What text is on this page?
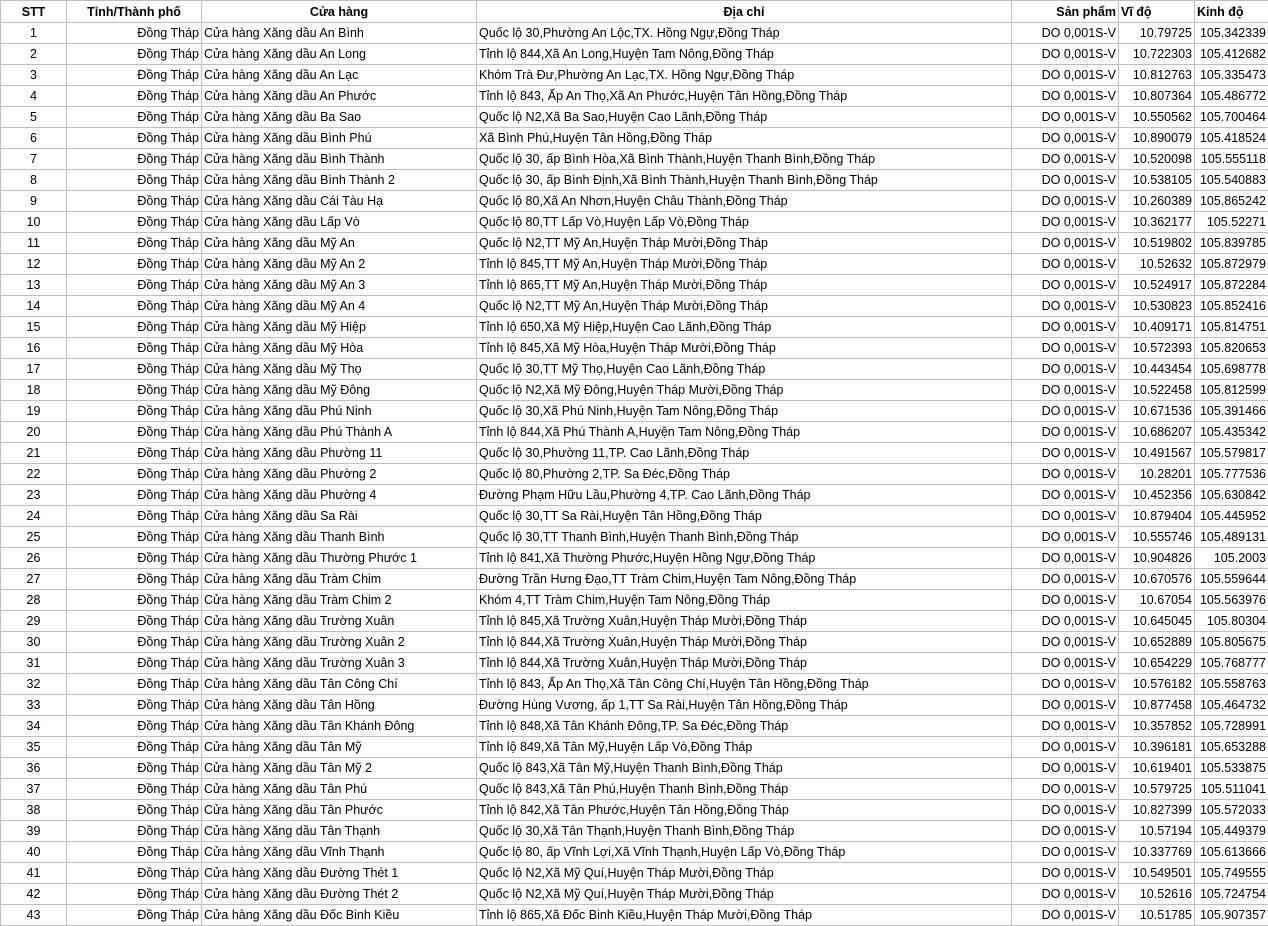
STT	Tỉnh/Thành phố	Cửa hàng	Địa chỉ	Sản phẩm	Vĩ độ	Kinh độ
1	Đồng Tháp	Cửa hàng Xăng dầu An Bình	Quốc lộ 30,Phường An Lộc,TX. Hồng Ngự,Đồng Tháp	DO 0,001S-V	10.79725	105.342339
2	Đồng Tháp	Cửa hàng Xăng dầu An Long	Tỉnh lộ 844,Xã An Long,Huyện Tam Nông,Đồng Tháp	DO 0,001S-V	10.722303	105.412682
3	Đồng Tháp	Cửa hàng Xăng dầu An Lạc	Khóm Trà Đư,Phường An Lạc,TX. Hồng Ngự,Đồng Tháp	DO 0,001S-V	10.812763	105.335473
4	Đồng Tháp	Cửa hàng Xăng dầu An Phước	Tỉnh lộ 843, Ấp An Thọ,Xã An Phước,Huyện Tân Hồng,Đồng Tháp	DO 0,001S-V	10.807364	105.486772
5	Đồng Tháp	Cửa hàng Xăng dầu Ba Sao	Quốc lộ N2,Xã Ba Sao,Huyện Cao Lãnh,Đồng Tháp	DO 0,001S-V	10.550562	105.700464
6	Đồng Tháp	Cửa hàng Xăng dầu Bình Phú	Xã Bình Phú,Huyện Tân Hồng,Đồng Tháp	DO 0,001S-V	10.890079	105.418524
7	Đồng Tháp	Cửa hàng Xăng dầu Bình Thành	Quốc lộ 30, ấp Bình Hòa,Xã Bình Thành,Huyện Thanh Bình,Đồng Tháp	DO 0,001S-V	10.520098	105.555118
8	Đồng Tháp	Cửa hàng Xăng dầu Bình Thành 2	Quốc lộ 30, ấp Bình Định,Xã Bình Thành,Huyện Thanh Bình,Đồng Tháp	DO 0,001S-V	10.538105	105.540883
9	Đồng Tháp	Cửa hàng Xăng dầu Cái Tàu Hạ	Quốc lộ 80,Xã An Nhơn,Huyện Châu Thành,Đồng Tháp	DO 0,001S-V	10.260389	105.865242
10	Đồng Tháp	Cửa hàng Xăng dầu Lấp Vò	Quốc lộ 80,TT Lấp Vò,Huyện Lấp Vò,Đồng Tháp	DO 0,001S-V	10.362177	105.52271
11	Đồng Tháp	Cửa hàng Xăng dầu Mỹ An	Quốc lộ N2,TT Mỹ An,Huyện Tháp Mười,Đồng Tháp	DO 0,001S-V	10.519802	105.839785
12	Đồng Tháp	Cửa hàng Xăng dầu Mỹ An 2	Tỉnh lộ 845,TT Mỹ An,Huyện Tháp Mười,Đồng Tháp	DO 0,001S-V	10.52632	105.872979
13	Đồng Tháp	Cửa hàng Xăng dầu Mỹ An 3	Tỉnh lộ 865,TT Mỹ An,Huyện Tháp Mười,Đồng Tháp	DO 0,001S-V	10.524917	105.872284
14	Đồng Tháp	Cửa hàng Xăng dầu Mỹ An 4	Quốc lộ N2,TT Mỹ An,Huyện Tháp Mười,Đồng Tháp	DO 0,001S-V	10.530823	105.852416
15	Đồng Tháp	Cửa hàng Xăng dầu Mỹ Hiệp	Tỉnh lộ 650,Xã Mỹ Hiệp,Huyện Cao Lãnh,Đồng Tháp	DO 0,001S-V	10.409171	105.814751
16	Đồng Tháp	Cửa hàng Xăng dầu Mỹ Hòa	Tỉnh lộ 845,Xã Mỹ Hòa,Huyện Tháp Mười,Đồng Tháp	DO 0,001S-V	10.572393	105.820653
17	Đồng Tháp	Cửa hàng Xăng dầu Mỹ Thọ	Quốc lộ 30,TT Mỹ Thọ,Huyện Cao Lãnh,Đồng Tháp	DO 0,001S-V	10.443454	105.698778
18	Đồng Tháp	Cửa hàng Xăng dầu Mỹ Đông	Quốc lộ N2,Xã Mỹ Đông,Huyện Tháp Mười,Đồng Tháp	DO 0,001S-V	10.522458	105.812599
19	Đồng Tháp	Cửa hàng Xăng dầu Phú Ninh	Quốc lộ 30,Xã Phú Ninh,Huyện Tam Nông,Đồng Tháp	DO 0,001S-V	10.671536	105.391466
20	Đồng Tháp	Cửa hàng Xăng dầu Phú Thành A	Tỉnh lộ 844,Xã Phú Thành A,Huyện Tam Nông,Đồng Tháp	DO 0,001S-V	10.686207	105.435342
21	Đồng Tháp	Cửa hàng Xăng dầu Phường 11	Quốc lộ 30,Phường 11,TP. Cao Lãnh,Đồng Tháp	DO 0,001S-V	10.491567	105.579817
22	Đồng Tháp	Cửa hàng Xăng dầu Phường 2	Quốc lộ 80,Phường 2,TP. Sa Đéc,Đồng Tháp	DO 0,001S-V	10.28201	105.777536
23	Đồng Tháp	Cửa hàng Xăng dầu Phường 4	Đường Phạm Hữu Lầu,Phường 4,TP. Cao Lãnh,Đồng Tháp	DO 0,001S-V	10.452356	105.630842
24	Đồng Tháp	Cửa hàng Xăng dầu Sa Rài	Quốc lộ 30,TT Sa Rài,Huyện Tân Hồng,Đồng Tháp	DO 0,001S-V	10.879404	105.445952
25	Đồng Tháp	Cửa hàng Xăng dầu Thanh Bình	Quốc lộ 30,TT Thanh Bình,Huyện Thanh Bình,Đồng Tháp	DO 0,001S-V	10.555746	105.489131
26	Đồng Tháp	Cửa hàng Xăng dầu Thường Phước 1	Tỉnh lộ 841,Xã Thường Phước,Huyện Hồng Ngự,Đồng Tháp	DO 0,001S-V	10.904826	105.2003
27	Đồng Tháp	Cửa hàng Xăng dầu Tràm Chim	Đường Trần Hưng Đạo,TT Tràm Chim,Huyện Tam Nông,Đồng Tháp	DO 0,001S-V	10.670576	105.559644
28	Đồng Tháp	Cửa hàng Xăng dầu Tràm Chim 2	Khóm 4,TT Tràm Chim,Huyện Tam Nông,Đồng Tháp	DO 0,001S-V	10.67054	105.563976
29	Đồng Tháp	Cửa hàng Xăng dầu Trường Xuân	Tỉnh lộ 845,Xã Trường Xuân,Huyện Tháp Mười,Đồng Tháp	DO 0,001S-V	10.645045	105.80304
30	Đồng Tháp	Cửa hàng Xăng dầu Trường Xuân 2	Tỉnh lộ 844,Xã Trường Xuân,Huyện Tháp Mười,Đồng Tháp	DO 0,001S-V	10.652889	105.805675
31	Đồng Tháp	Cửa hàng Xăng dầu Trường Xuân 3	Tỉnh lộ 844,Xã Trường Xuân,Huyện Tháp Mười,Đồng Tháp	DO 0,001S-V	10.654229	105.768777
32	Đồng Tháp	Cửa hàng Xăng dầu Tân Công Chí	Tỉnh lộ 843, Ấp An Thọ,Xã Tân Công Chí,Huyện Tân Hồng,Đồng Tháp	DO 0,001S-V	10.576182	105.558763
33	Đồng Tháp	Cửa hàng Xăng dầu Tân Hồng	Đường Hùng Vương, ấp 1,TT Sa Rài,Huyện Tân Hồng,Đồng Tháp	DO 0,001S-V	10.877458	105.464732
34	Đồng Tháp	Cửa hàng Xăng dầu Tân Khánh Đông	Tỉnh lộ 848,Xã Tân Khánh Đông,TP. Sa Đéc,Đồng Tháp	DO 0,001S-V	10.357852	105.728991
35	Đồng Tháp	Cửa hàng Xăng dầu Tân Mỹ	Tỉnh lộ 849,Xã Tân Mỹ,Huyện Lấp Vò,Đồng Tháp	DO 0,001S-V	10.396181	105.653288
36	Đồng Tháp	Cửa hàng Xăng dầu Tân Mỹ 2	Quốc lộ 843,Xã Tân Mỹ,Huyện Thanh Bình,Đồng Tháp	DO 0,001S-V	10.619401	105.533875
37	Đồng Tháp	Cửa hàng Xăng dầu Tân Phú	Quốc lộ 843,Xã Tân Phú,Huyện Thanh Bình,Đồng Tháp	DO 0,001S-V	10.579725	105.511041
38	Đồng Tháp	Cửa hàng Xăng dầu Tân Phước	Tỉnh lộ 842,Xã Tân Phước,Huyện Tân Hồng,Đồng Tháp	DO 0,001S-V	10.827399	105.572033
39	Đồng Tháp	Cửa hàng Xăng dầu Tân Thạnh	Quốc lộ 30,Xã Tân Thạnh,Huyện Thanh Bình,Đồng Tháp	DO 0,001S-V	10.57194	105.449379
40	Đồng Tháp	Cửa hàng Xăng dầu Vĩnh Thạnh	Quốc lộ 80, ấp Vĩnh Lợi,Xã Vĩnh Thạnh,Huyện Lấp Vò,Đồng Tháp	DO 0,001S-V	10.337769	105.613666
41	Đồng Tháp	Cửa hàng Xăng dầu Đường Thét 1	Quốc lộ N2,Xã Mỹ Quí,Huyện Tháp Mười,Đồng Tháp	DO 0,001S-V	10.549501	105.749555
42	Đồng Tháp	Cửa hàng Xăng dầu Đường Thét 2	Quốc lộ N2,Xã Mỹ Quí,Huyện Tháp Mười,Đồng Tháp	DO 0,001S-V	10.52616	105.724754
43	Đồng Tháp	Cửa hàng Xăng dầu Đốc Binh Kiều	Tỉnh lộ 865,Xã Đốc Binh Kiều,Huyện Tháp Mười,Đồng Tháp	DO 0,001S-V	10.51785	105.907357
